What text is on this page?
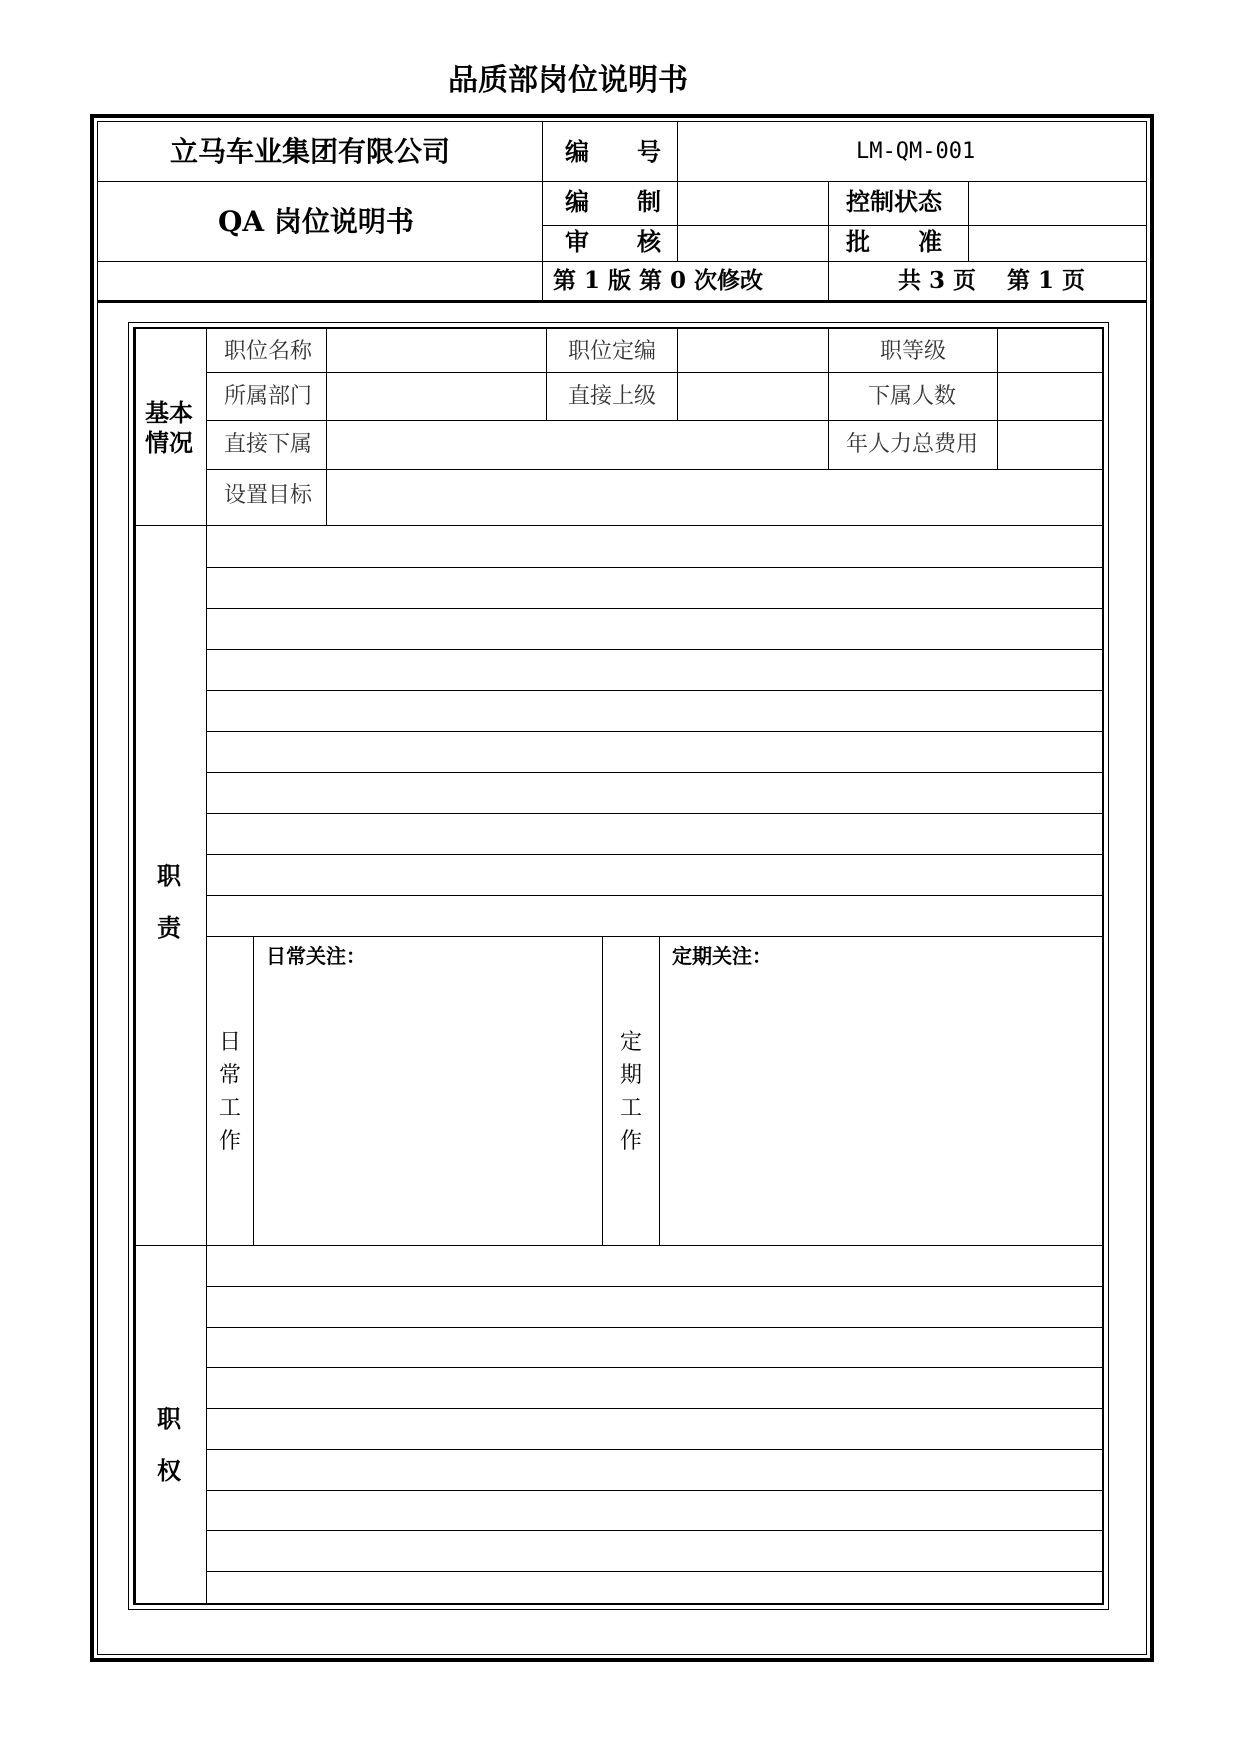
品质部岗位说明书
立马车业集团有限公司
QA 岗位说明书
编　　号	LM-QM-001
编　　制	控制状态
审　　核	批　　准
第 1 版 第 0 次修改	共 3 页　 第 1 页
职位名称	职位定编	职等级
所属部门	直接上级	下属人数
直接下属	年人力总费用
设置目标
基本情况
日常关注：	定期关注：
日常工作
定期工作
职责
职权
